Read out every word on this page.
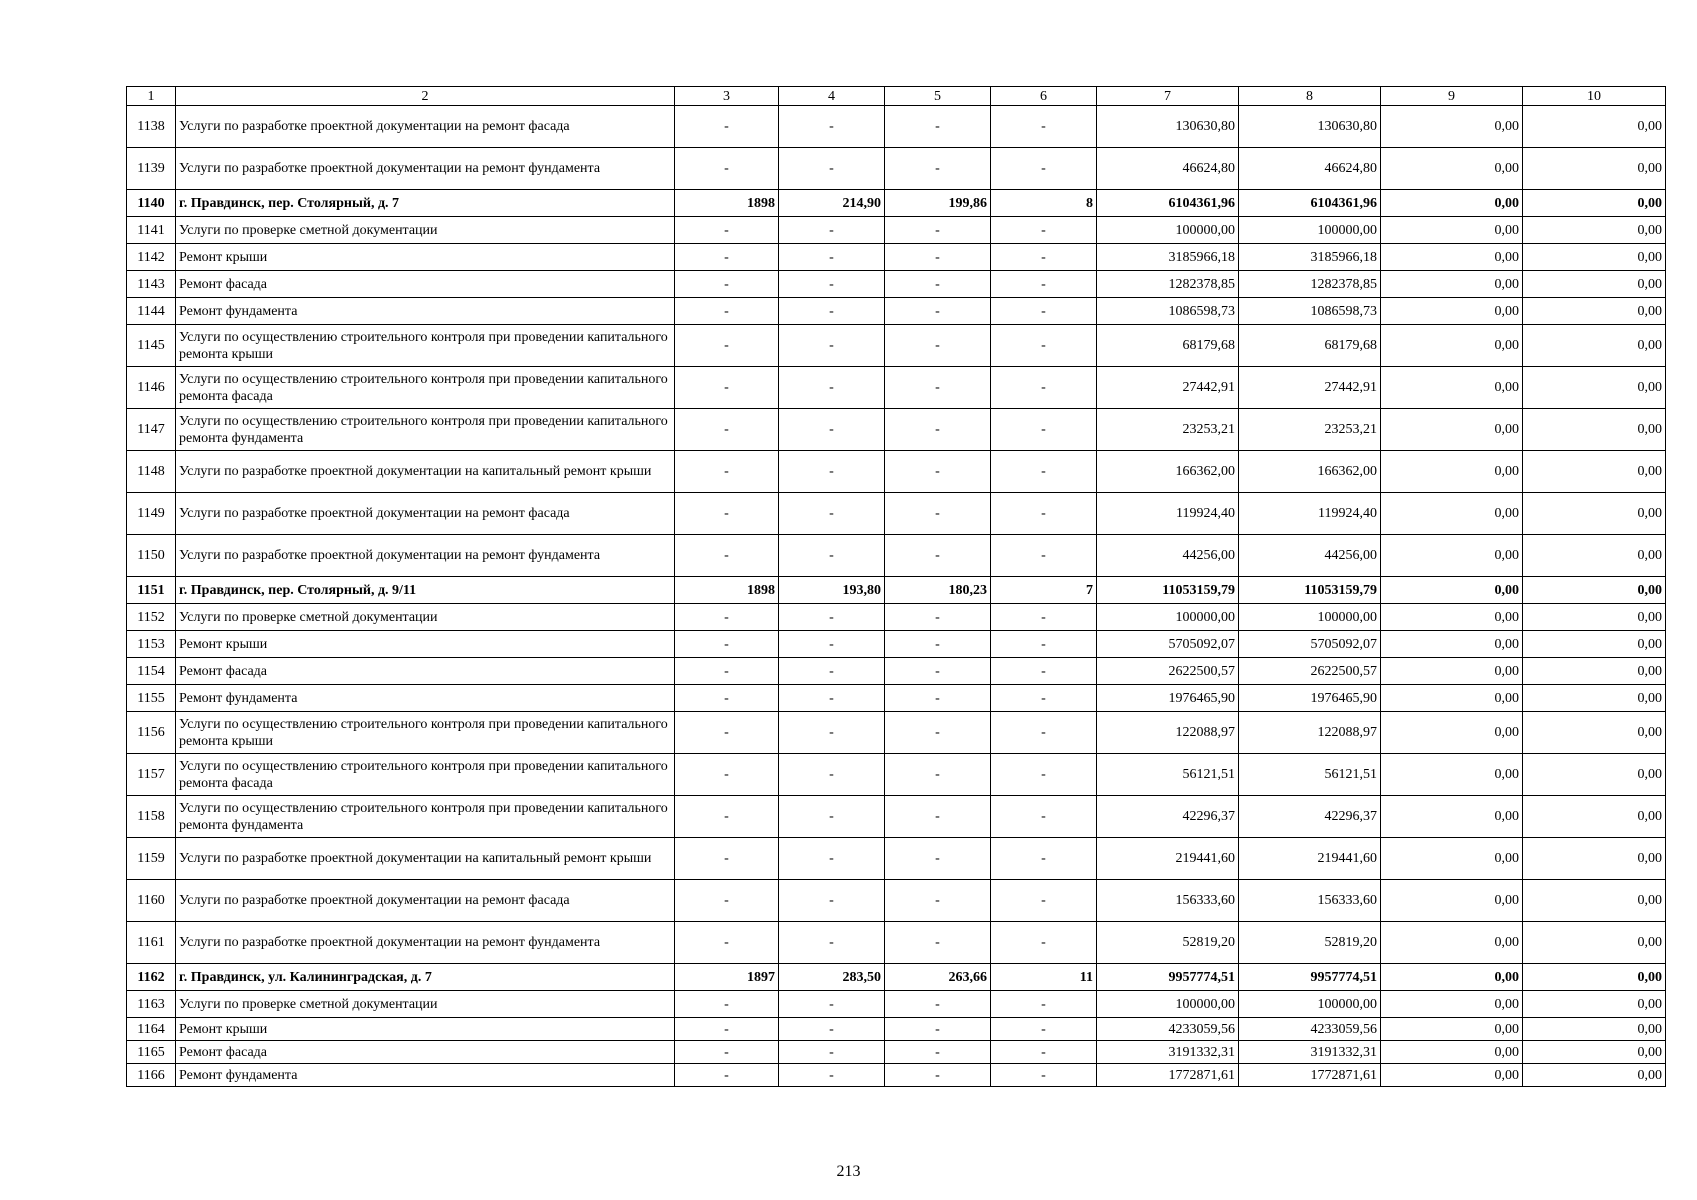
1	2	3	4	5	6	7	8	9	10
1138	Услуги по разработке проектной документации на ремонт фасада	-	-	-	-	130630,80	130630,80	0,00	0,00
1139	Услуги по разработке проектной документации на ремонт фундамента	-	-	-	-	46624,80	46624,80	0,00	0,00
1140	г. Правдинск, пер. Столярный, д. 7	1898	214,90	199,86	8	6104361,96	6104361,96	0,00	0,00
1141	Услуги по проверке сметной документации	-	-	-	-	100000,00	100000,00	0,00	0,00
1142	Ремонт крыши	-	-	-	-	3185966,18	3185966,18	0,00	0,00
1143	Ремонт фасада	-	-	-	-	1282378,85	1282378,85	0,00	0,00
1144	Ремонт фундамента	-	-	-	-	1086598,73	1086598,73	0,00	0,00
1145	Услуги по осуществлению строительного контроля при проведении капитального ремонта крыши	-	-	-	-	68179,68	68179,68	0,00	0,00
1146	Услуги по осуществлению строительного контроля при проведении капитального ремонта фасада	-	-	-	-	27442,91	27442,91	0,00	0,00
1147	Услуги по осуществлению строительного контроля при проведении капитального ремонта фундамента	-	-	-	-	23253,21	23253,21	0,00	0,00
1148	Услуги по разработке проектной документации на капитальный ремонт крыши	-	-	-	-	166362,00	166362,00	0,00	0,00
1149	Услуги по разработке проектной документации на ремонт фасада	-	-	-	-	119924,40	119924,40	0,00	0,00
1150	Услуги по разработке проектной документации на ремонт фундамента	-	-	-	-	44256,00	44256,00	0,00	0,00
1151	г. Правдинск, пер. Столярный, д. 9/11	1898	193,80	180,23	7	11053159,79	11053159,79	0,00	0,00
1152	Услуги по проверке сметной документации	-	-	-	-	100000,00	100000,00	0,00	0,00
1153	Ремонт крыши	-	-	-	-	5705092,07	5705092,07	0,00	0,00
1154	Ремонт фасада	-	-	-	-	2622500,57	2622500,57	0,00	0,00
1155	Ремонт фундамента	-	-	-	-	1976465,90	1976465,90	0,00	0,00
1156	Услуги по осуществлению строительного контроля при проведении капитального ремонта крыши	-	-	-	-	122088,97	122088,97	0,00	0,00
1157	Услуги по осуществлению строительного контроля при проведении капитального ремонта фасада	-	-	-	-	56121,51	56121,51	0,00	0,00
1158	Услуги по осуществлению строительного контроля при проведении капитального ремонта фундамента	-	-	-	-	42296,37	42296,37	0,00	0,00
1159	Услуги по разработке проектной документации на капитальный ремонт крыши	-	-	-	-	219441,60	219441,60	0,00	0,00
1160	Услуги по разработке проектной документации на ремонт фасада	-	-	-	-	156333,60	156333,60	0,00	0,00
1161	Услуги по разработке проектной документации на ремонт фундамента	-	-	-	-	52819,20	52819,20	0,00	0,00
1162	г. Правдинск, ул. Калининградская, д. 7	1897	283,50	263,66	11	9957774,51	9957774,51	0,00	0,00
1163	Услуги по проверке сметной документации	-	-	-	-	100000,00	100000,00	0,00	0,00
1164	Ремонт крыши	-	-	-	-	4233059,56	4233059,56	0,00	0,00
1165	Ремонт фасада	-	-	-	-	3191332,31	3191332,31	0,00	0,00
1166	Ремонт фундамента	-	-	-	-	1772871,61	1772871,61	0,00	0,00
213
